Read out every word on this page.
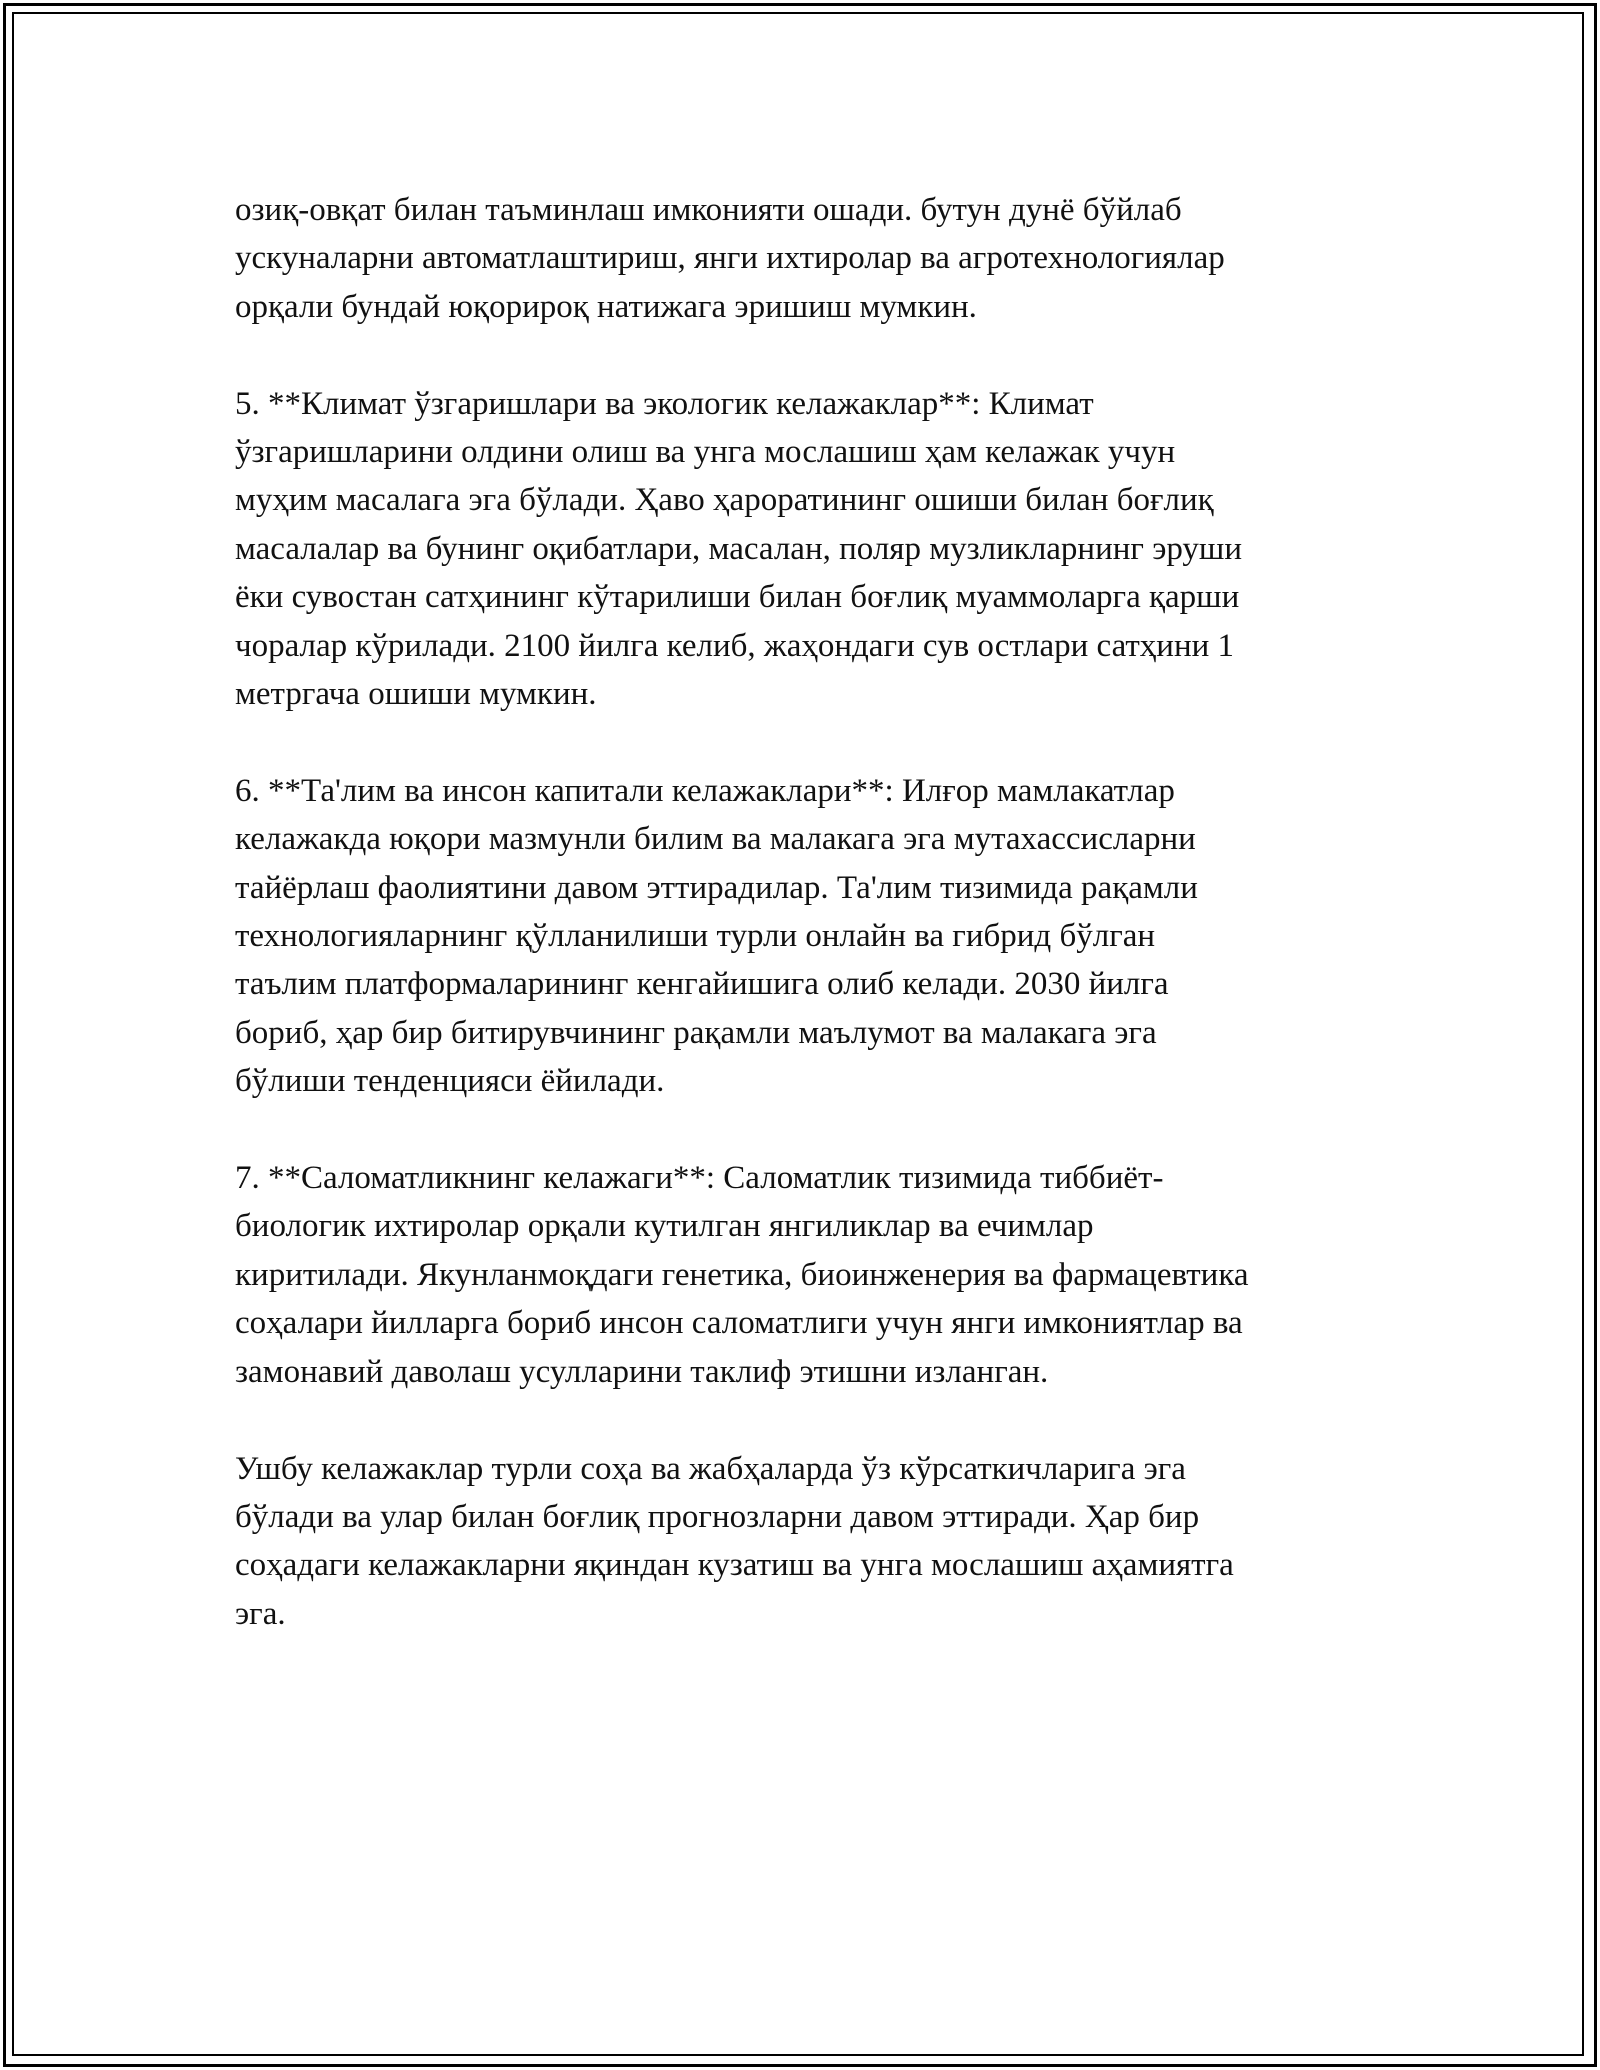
озиқ-овқат билан таъминлаш имконияти ошади. бутун дунё бўйлаб
ускуналарни автоматлаштириш, янги ихтиролар ва агротехнологиялар
орқали бундай юқорироқ натижага эришиш мумкин.

5. **Климат ўзгаришлари ва экологик келажаклар**: Климат
ўзгаришларини олдини олиш ва унга мослашиш ҳам келажак учун
муҳим масалага эга бўлади. Ҳаво ҳароратининг ошиши билан боғлиқ
масалалар ва бунинг оқибатлари, масалан, поляр музликларнинг эруши
ёки сувостан сатҳининг кўтарилиши билан боғлиқ муаммоларга қарши
чоралар кўрилади. 2100 йилга келиб, жаҳондаги сув остлари сатҳини 1
метргача ошиши мумкин.

6. **Та'лим ва инсон капитали келажаклари**: Илғор мамлакатлар
келажакда юқори мазмунли билим ва малакага эга мутахассисларни
тайёрлаш фаолиятини давом эттирадилар. Та'лим тизимида рақамли
технологияларнинг қўлланилиши турли онлайн ва гибрид бўлган
таълим платформаларининг кенгайишига олиб келади. 2030 йилга
бориб, ҳар бир битирувчининг рақамли маълумот ва малакага эга
бўлиши тенденцияси ёйилади.

7. **Саломатликнинг келажаги**: Саломатлик тизимида тиббиёт-
биологик ихтиролар орқали кутилган янгиликлар ва ечимлар
киритилади. Якунланмоқдаги генетика, биоинженерия ва фармацевтика
соҳалари йилларга бориб инсон саломатлиги учун янги имкониятлар ва
замонавий даволаш усулларини таклиф этишни изланган.

Ушбу келажаклар турли соҳа ва жабҳаларда ўз кўрсаткичларига эга
бўлади ва улар билан боғлиқ прогнозларни давом эттиради. Ҳар бир
соҳадаги келажакларни яқиндан кузатиш ва унга мослашиш аҳамиятга
эга.
